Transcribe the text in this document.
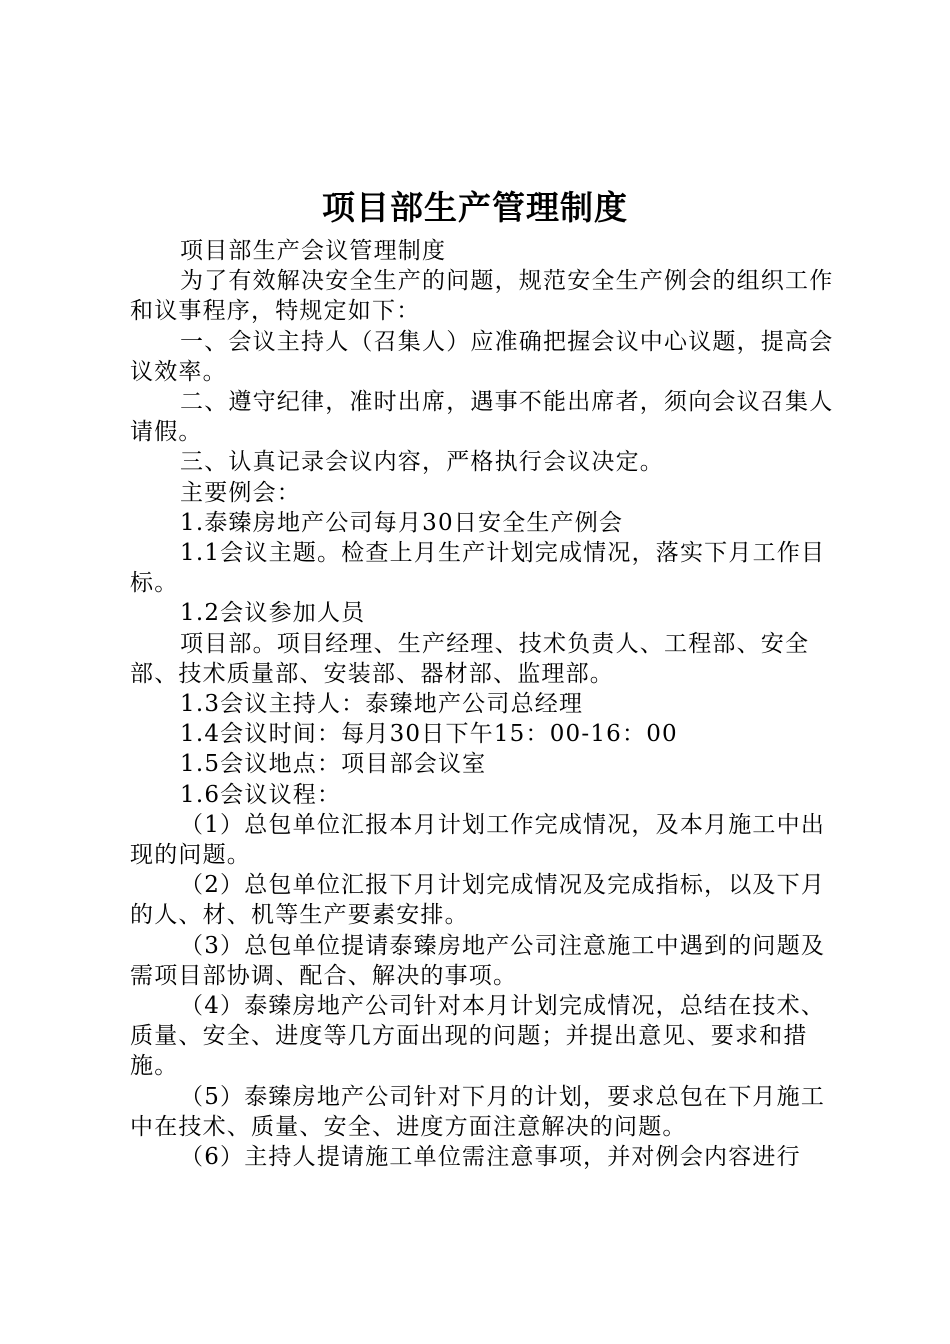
项目部生产管理制度

项目部生产会议管理制度

为了有效解决安全生产的问题，规范安全生产例会的组织工作和议事程序，特规定如下：

一、会议主持人（召集人）应准确把握会议中心议题，提高会议效率。

二、遵守纪律，准时出席，遇事不能出席者，须向会议召集人请假。

三、认真记录会议内容，严格执行会议决定。

主要例会：

1.泰臻房地产公司每月30日安全生产例会

1.1会议主题。检查上月生产计划完成情况，落实下月工作目标。

1.2会议参加人员

项目部。项目经理、生产经理、技术负责人、工程部、安全部、技术质量部、安装部、器材部、监理部。

1.3会议主持人：泰臻地产公司总经理

1.4会议时间：每月30日下午15：00-16：00

1.5会议地点：项目部会议室

1.6会议议程：

（1）总包单位汇报本月计划工作完成情况，及本月施工中出现的问题。

（2）总包单位汇报下月计划完成情况及完成指标，以及下月的人、材、机等生产要素安排。

（3）总包单位提请泰臻房地产公司注意施工中遇到的问题及需项目部协调、配合、解决的事项。

（4）泰臻房地产公司针对本月计划完成情况，总结在技术、质量、安全、进度等几方面出现的问题；并提出意见、要求和措施。

（5）泰臻房地产公司针对下月的计划，要求总包在下月施工中在技术、质量、安全、进度方面注意解决的问题。

（6）主持人提请施工单位需注意事项，并对例会内容进行
